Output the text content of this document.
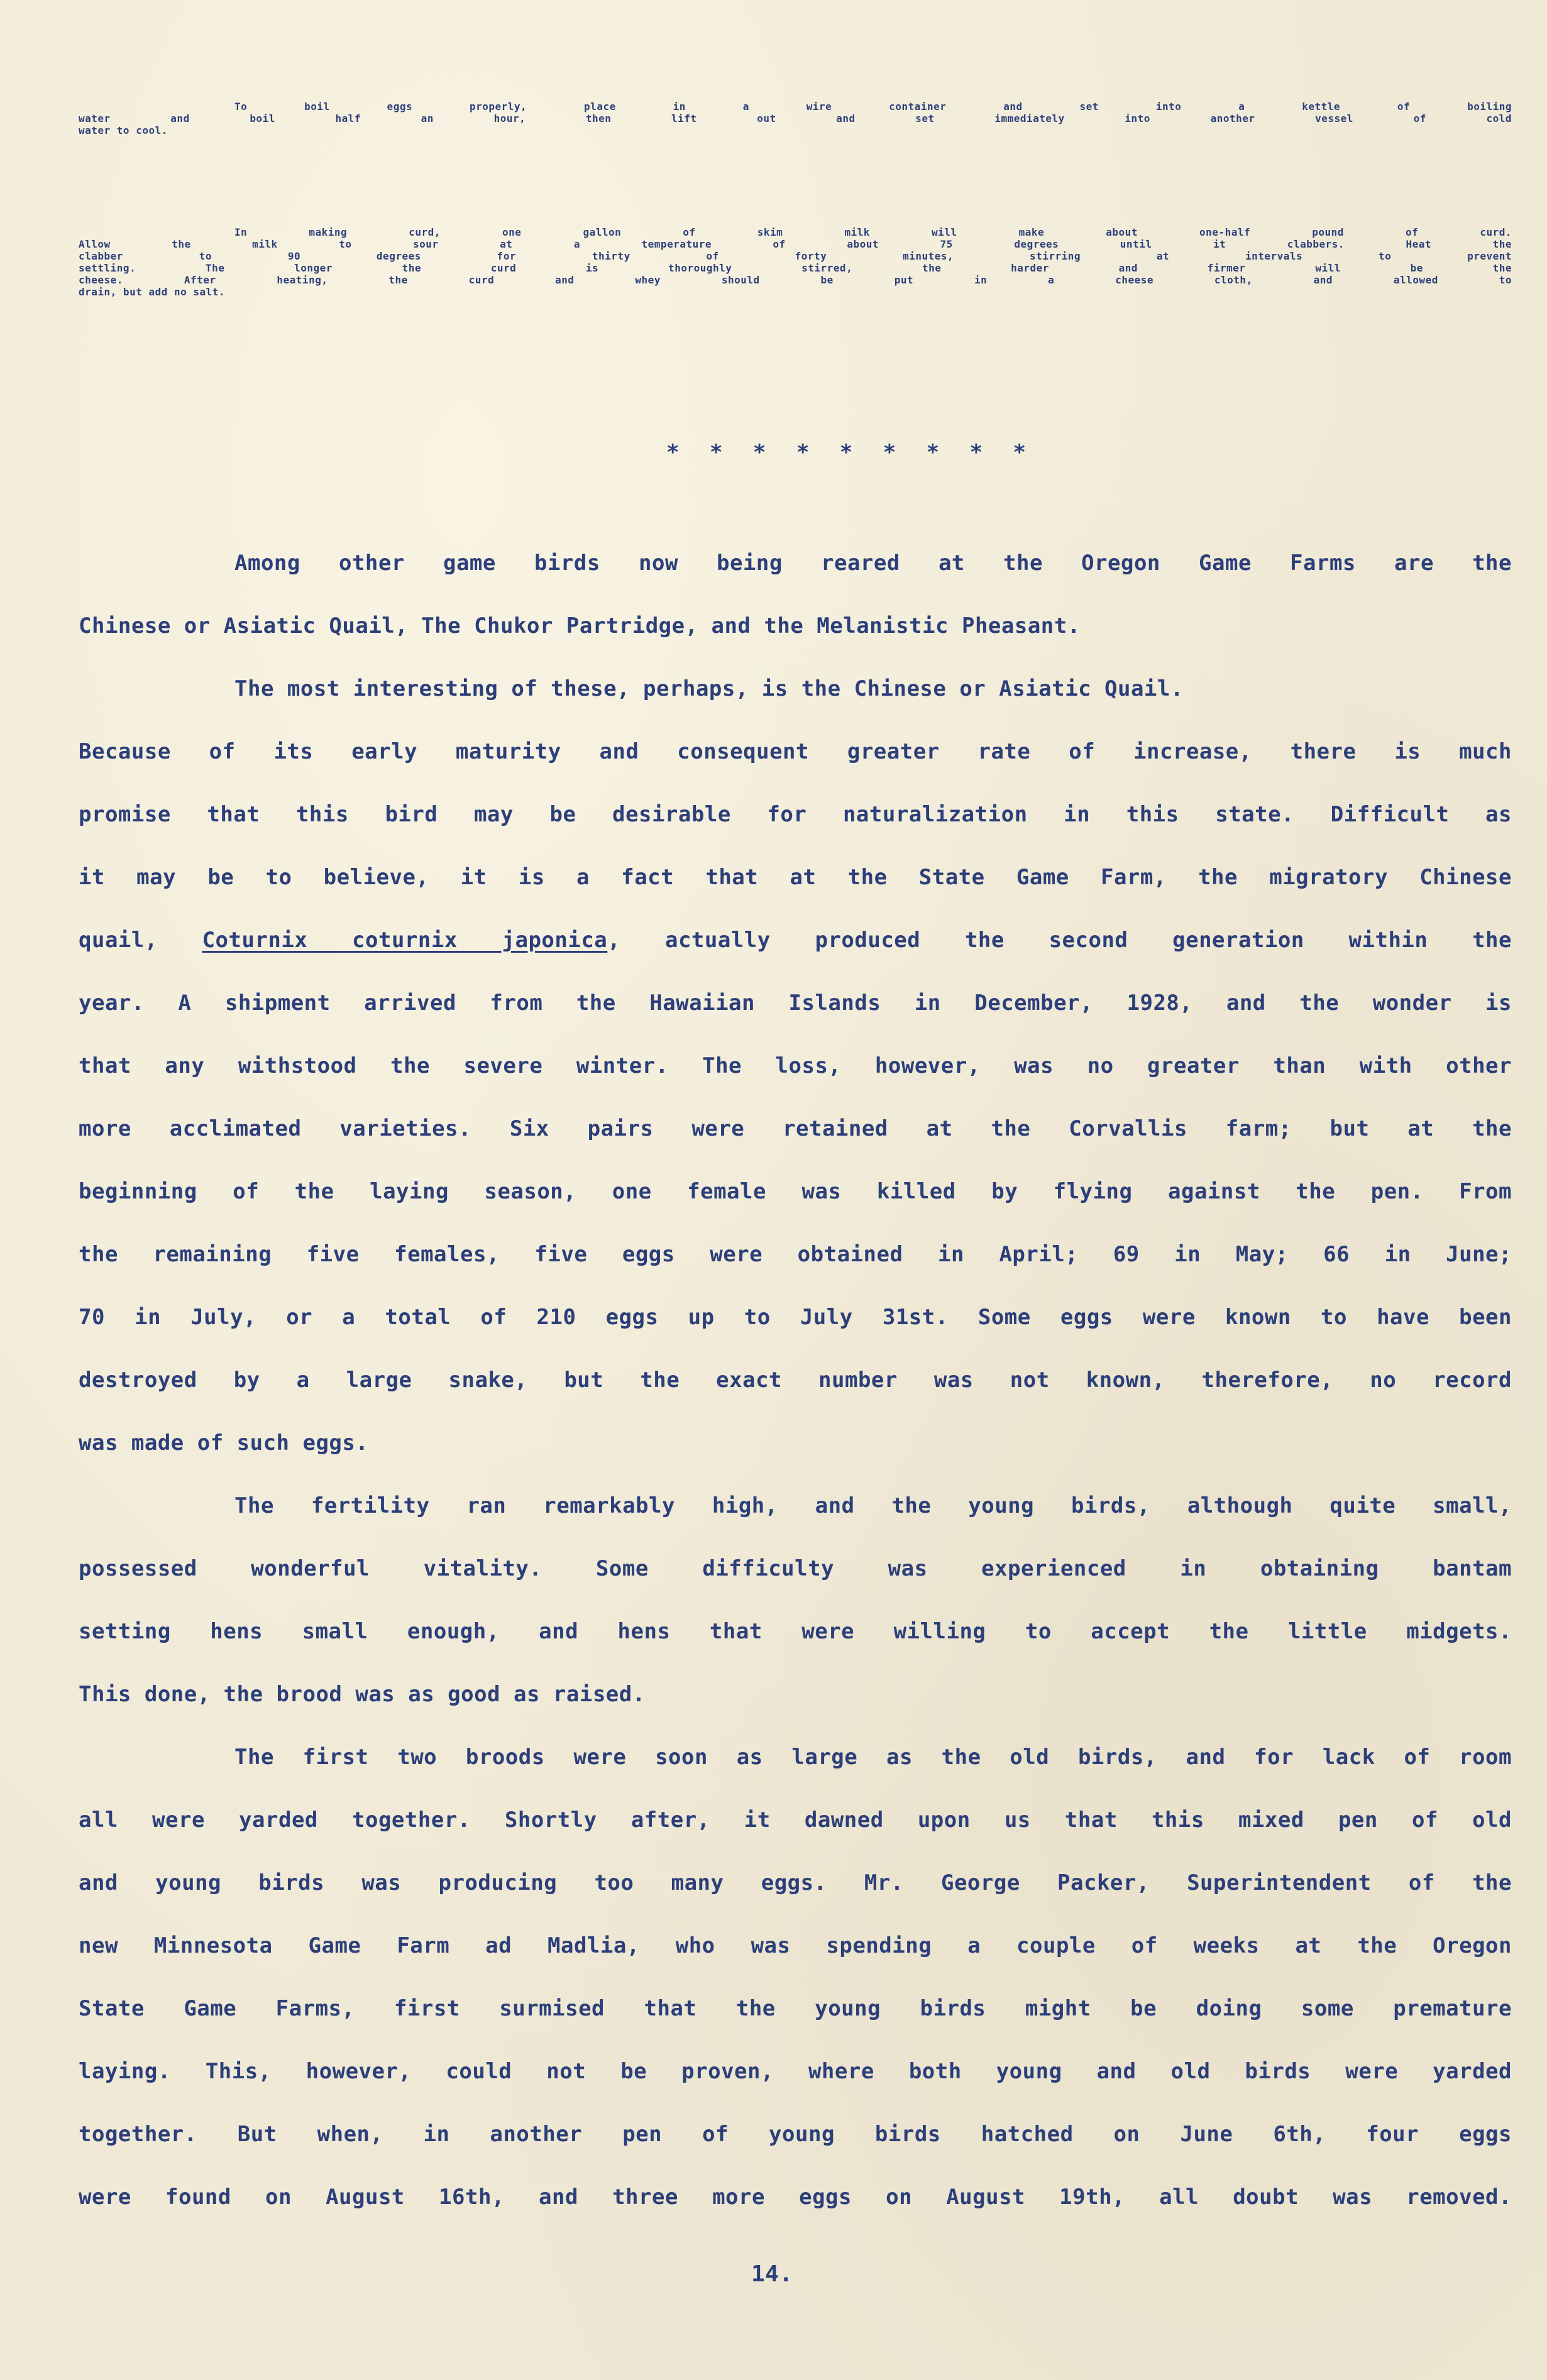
To boil eggs properly, place in a wire container and set into a kettle of boiling
water and boil half an hour, then lift out and set immediately into another vessel of cold
water to cool.
In making curd, one gallon of skim milk will make about one-half pound of curd.
Allow the milk to sour at a temperature of about 75 degrees until it clabbers. Heat the
clabber to 90 degrees for thirty of forty minutes, stirring at intervals to prevent
settling. The longer the curd is thoroughly stirred, the harder and firmer will be the
cheese. After heating, the curd and whey should be put in a cheese cloth, and allowed to
drain, but add no salt.
* * * * * * * * *
Among other game birds now being reared at the Oregon Game Farms are the
Chinese or Asiatic Quail, The Chukor Partridge, and the Melanistic Pheasant.
The most interesting of these, perhaps, is the Chinese or Asiatic Quail.
Because of its early maturity and consequent greater rate of increase, there is much
promise that this bird may be desirable for naturalization in this state. Difficult as
it may be to believe, it is a fact that at the State Game Farm, the migratory Chinese
quail, Coturnix coturnix japonica, actually produced the second generation within the
year. A shipment arrived from the Hawaiian Islands in December, 1928, and the wonder is
that any withstood the severe winter. The loss, however, was no greater than with other
more acclimated varieties. Six pairs were retained at the Corvallis farm; but at the
beginning of the laying season, one female was killed by flying against the pen. From
the remaining five females, five eggs were obtained in April; 69 in May; 66 in June;
70 in July, or a total of 210 eggs up to July 31st. Some eggs were known to have been
destroyed by a large snake, but the exact number was not known, therefore, no record
was made of such eggs.
The fertility ran remarkably high, and the young birds, although quite small,
possessed wonderful vitality. Some difficulty was experienced in obtaining bantam
setting hens small enough, and hens that were willing to accept the little midgets.
This done, the brood was as good as raised.
The first two broods were soon as large as the old birds, and for lack of room
all were yarded together. Shortly after, it dawned upon us that this mixed pen of old
and young birds was producing too many eggs. Mr. George Packer, Superintendent of the
new Minnesota Game Farm ad Madlia, who was spending a couple of weeks at the Oregon
State Game Farms, first surmised that the young birds might be doing some premature
laying. This, however, could not be proven, where both young and old birds were yarded
together. But when, in another pen of young birds hatched on June 6th, four eggs
were found on August 16th, and three more eggs on August 19th, all doubt was removed.
14.
